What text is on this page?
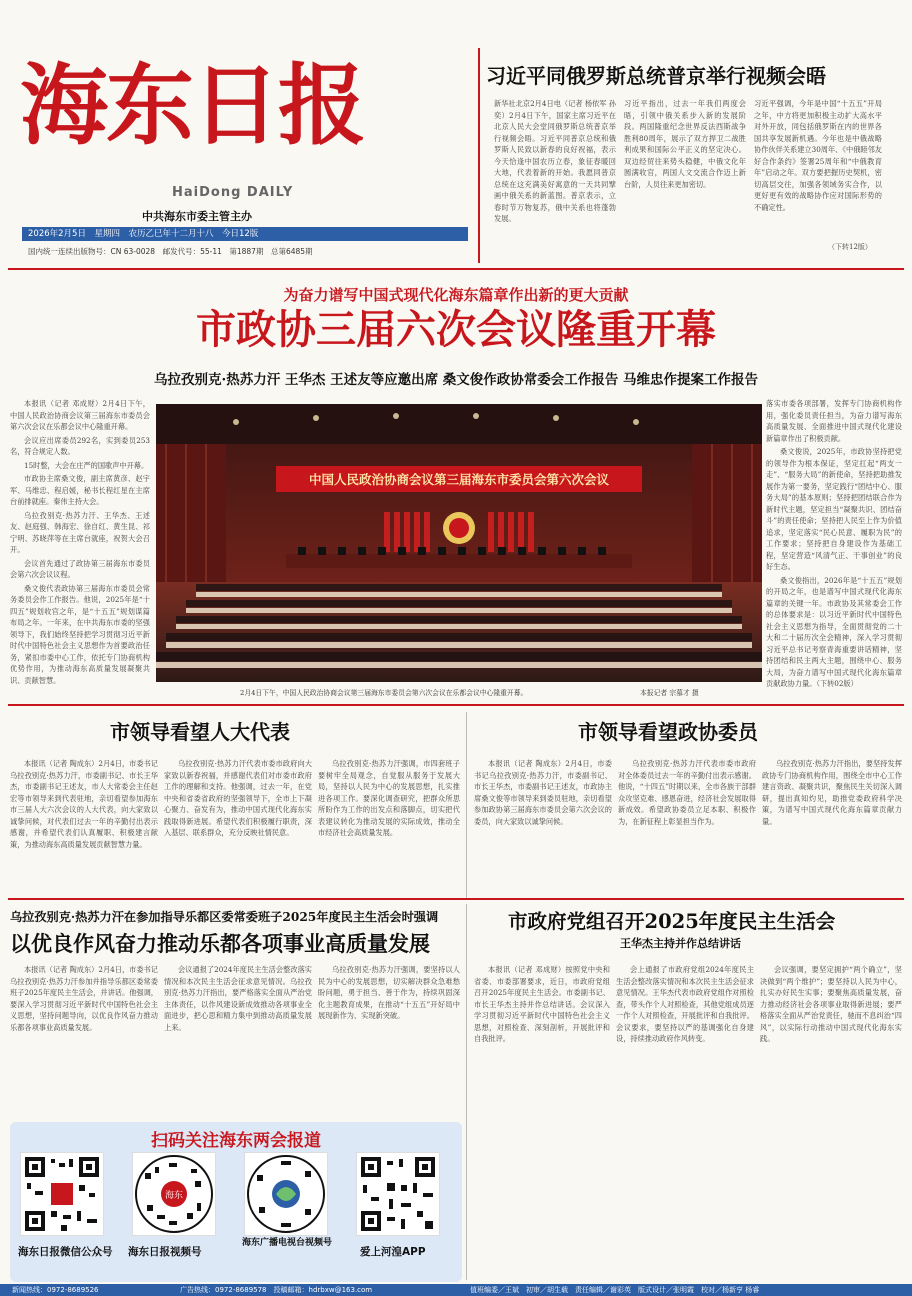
海东日报
HaiDong DAILY
中共海东市委主管主办
2026年2月5日　星期四　农历乙巳年十二月十八　今日12版
国内统一连续出版物号：CN 63-0028　邮发代号：55-11　第1887期　总第6485期
习近平同俄罗斯总统普京举行视频会晤
新华社北京2月4日电（记者 杨依军 孙奕）2月4日下午，国家主席习近平在北京人民大会堂同俄罗斯总统普京举行视频会晤。习近平同普京总统和俄罗斯人民致以新春的良好祝福，表示今天恰逢中国农历立春，象征春暖回大地，代表着新的开始。我愿同普京总统在这充满美好寓意的一天共同擘画中俄关系的新蓝图。普京表示，立春时节万物复苏，俄中关系也将蓬勃发展。
习近平指出，过去一年我们两度会晤，引领中俄关系步入新的发展阶段。两国隆重纪念世界反法西斯战争胜利80周年，展示了双方捍卫二战胜利成果和国际公平正义的坚定决心。双边经贸往来势头稳健，中俄文化年圆满收官，两国人文交流合作迈上新台阶，人员往来更加密切。
习近平强调，今年是中国“十五五”开局之年，中方将更加积极主动扩大高水平对外开放，同包括俄罗斯在内的世界各国共享发展新机遇。今年也是中俄战略协作伙伴关系建立30周年、《中俄睦邻友好合作条约》签署25周年和“中俄教育年”启动之年。双方要把握历史契机，密切高层交往，加强各领域务实合作，以更好更有效的战略协作应对国际形势的不确定性。
（下转12版）
为奋力谱写中国式现代化海东篇章作出新的更大贡献
市政协三届六次会议隆重开幕
乌拉孜别克·热苏力汗 王华杰 王述友等应邀出席 桑文俊作政协常委会工作报告 马维忠作提案工作报告

本报讯（记者 邓成财）2月4日下午，中国人民政治协商会议第三届海东市委员会第六次会议在乐都会议中心隆重开幕。

会议应出席委员292名，实到委员253名，符合规定人数。

15时整，大会在庄严的国歌声中开幕。

市政协主席桑文俊，副主席黄彦、赵宇军、马维忠、程启媛，秘书长程红星在主席台前排就座。秦伟主持大会。

乌拉孜别克·热苏力汗、王华杰、王述友、赵庭强、韩海宏、徐自红、黄生昆、祁宁明、苏晓萍等在主席台就座，祝贺大会召开。

会议首先通过了政协第三届海东市委员会第六次会议议程。

桑文俊代表政协第三届海东市委员会常务委员会作工作报告。他说，2025年是“十四五”规划收官之年，是“十五五”规划谋篇布局之年。一年来，在中共海东市委的坚强领导下，我们始终坚持把学习贯彻习近平新时代中国特色社会主义思想作为首要政治任务，紧扣市委中心工作，依托专门协商机构优势作用，为推动海东高质量发展凝聚共识、贡献智慧。

中国人民政治协商会议第三届海东市委员会第六次会议
2月4日下午，中国人民政治协商会议第三届海东市委员会第六次会议在乐都会议中心隆重开幕。	本报记者 宗慕才 摄

落实市委各项部署，发挥专门协商机构作用，强化委员责任担当，为奋力谱写海东高质量发展、全面推进中国式现代化建设新篇章作出了积极贡献。

桑文俊说，2025年，市政协坚持把党的领导作为根本保证，坚定扛起“两支一走”、“服务大局”的新使命，坚持把助推发展作为第一要务，坚定践行“团结中心、服务大局”的基本原则；坚持把团结联合作为新时代主题，坚定担当“凝聚共识、团结奋斗”的责任使命；坚持把人民至上作为价值追求，坚定落实“民心民意、履职为民”的工作要求；坚持把自身建设作为基础工程，坚定营造“风清气正、干事创业”的良好生态。

桑文俊指出，2026年是“十五五”规划的开局之年，也是谱写中国式现代化海东篇章的关键一年。市政协及其常委会工作的总体要求是：以习近平新时代中国特色社会主义思想为指导，全面贯彻党的二十大和二十届历次全会精神，深入学习贯彻习近平总书记考察青海重要讲话精神，坚持团结和民主两大主题，围绕中心、服务大局，为奋力谱写中国式现代化海东篇章贡献政协力量。（下转02版）

市领导看望人大代表
本报讯（记者 陶成东）2月4日，市委书记乌拉孜别克·热苏力汗，市委副书记、市长王华杰，市委副书记王述友，市人大常委会主任赵宏等市领导来到代表驻地，亲切看望参加海东市三届人大六次会议的人大代表，向大家致以诚挚问候，对代表们过去一年的辛勤付出表示感谢，并希望代表们认真履职、积极建言献策，为推动海东高质量发展贡献智慧力量。
乌拉孜别克·热苏力汗代表市委市政府向大家致以新春祝福，并感谢代表们对市委市政府工作的理解和支持。他强调，过去一年，在党中央和省委省政府的坚强领导下，全市上下凝心聚力、奋发有为，推动中国式现代化海东实践取得新进展。希望代表们积极履行职责，深入基层、联系群众，充分反映社情民意。
乌拉孜别克·热苏力汗强调，市四套班子要树牢全局观念，自觉服从服务于发展大局，坚持以人民为中心的发展思想，扎实推进各项工作。要深化调查研究，把群众所思所盼作为工作的出发点和落脚点，切实把代表建议转化为推动发展的实际成效，推动全市经济社会高质量发展。
市领导看望政协委员
本报讯（记者 陶成东）2月4日，市委书记乌拉孜别克·热苏力汗，市委副书记、市长王华杰，市委副书记王述友，市政协主席桑文俊等市领导来到委员驻地，亲切看望参加政协第三届海东市委员会第六次会议的委员，向大家致以诚挚问候。
乌拉孜别克·热苏力汗代表市委市政府对全体委员过去一年的辛勤付出表示感谢。他说，“十四五”时期以来，全市各族干部群众攻坚克难、感恩奋进，经济社会发展取得新成效。希望政协委员立足本职、积极作为，在新征程上彰显担当作为。
乌拉孜别克·热苏力汗指出，要坚持发挥政协专门协商机构作用，围绕全市中心工作建言资政、凝聚共识，聚焦民生关切深入调研，提出真知灼见，助推党委政府科学决策，为谱写中国式现代化海东篇章贡献力量。
乌拉孜别克·热苏力汗在参加指导乐都区委常委班子2025年度民主生活会时强调
以优良作风奋力推动乐都各项事业高质量发展
本报讯（记者 陶成东）2月4日，市委书记乌拉孜别克·热苏力汗参加并指导乐都区委常委班子2025年度民主生活会，并讲话。他强调，要深入学习贯彻习近平新时代中国特色社会主义思想，坚持问题导向，以优良作风奋力推动乐都各项事业高质量发展。
会议通报了2024年度民主生活会整改落实情况和本次民主生活会征求意见情况。乌拉孜别克·热苏力汗指出，要严格落实全面从严治党主体责任，以作风建设新成效推动各项事业全面进步，把心思和精力集中到推动高质量发展上来。
乌拉孜别克·热苏力汗强调，要坚持以人民为中心的发展思想，切实解决群众急难愁盼问题，勇于担当、善于作为，持续巩固深化主题教育成果，在推动“十五五”开好局中展现新作为、实现新突破。
市政府党组召开2025年度民主生活会
王华杰主持并作总结讲话
本报讯（记者 邓成财）按照党中央和省委、市委部署要求，近日，市政府党组召开2025年度民主生活会。市委副书记、市长王华杰主持并作总结讲话。会议深入学习贯彻习近平新时代中国特色社会主义思想，对照检查、深刻剖析，开展批评和自我批评。
会上通报了市政府党组2024年度民主生活会整改落实情况和本次民主生活会征求意见情况。王华杰代表市政府党组作对照检查，带头作个人对照检查，其他党组成员逐一作个人对照检查，开展批评和自我批评。会议要求，要坚持以严的基调强化自身建设，持续推动政府作风转变。
会议强调，要坚定拥护“两个确立”，坚决做到“两个维护”；要坚持以人民为中心，扎实办好民生实事；要聚焦高质量发展，奋力推动经济社会各项事业取得新进展；要严格落实全面从严治党责任，驰而不息纠治“四风”，以实际行动推动中国式现代化海东实践。
扫码关注海东两会报道
海东日报微信公众号
海东
海东日报视频号
海东广播电视台视频号
爱上河湟APP
新闻热线：0972-8689526	广告热线：0972-8689578　投稿邮箱：hdrbxw@163.com	值班编委／王斌　初审／胡生载　责任编辑／谢彩英　版式设计／张明霞　校对／杨新亨 杨睿
